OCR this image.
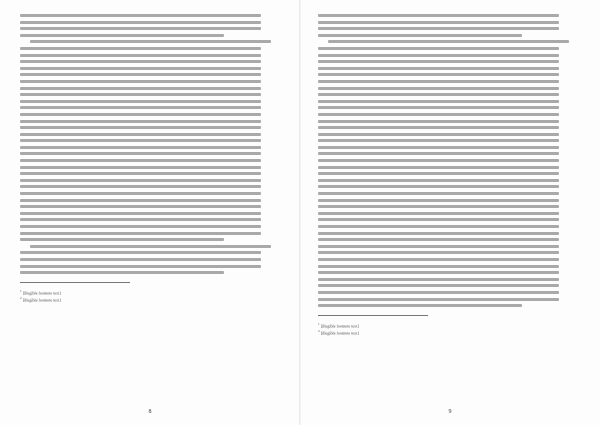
$^1$ [illegible footnote text]

$^2$ [illegible footnote text]

8

$^1$ [illegible footnote text]

$^2$ [illegible footnote text]

9
